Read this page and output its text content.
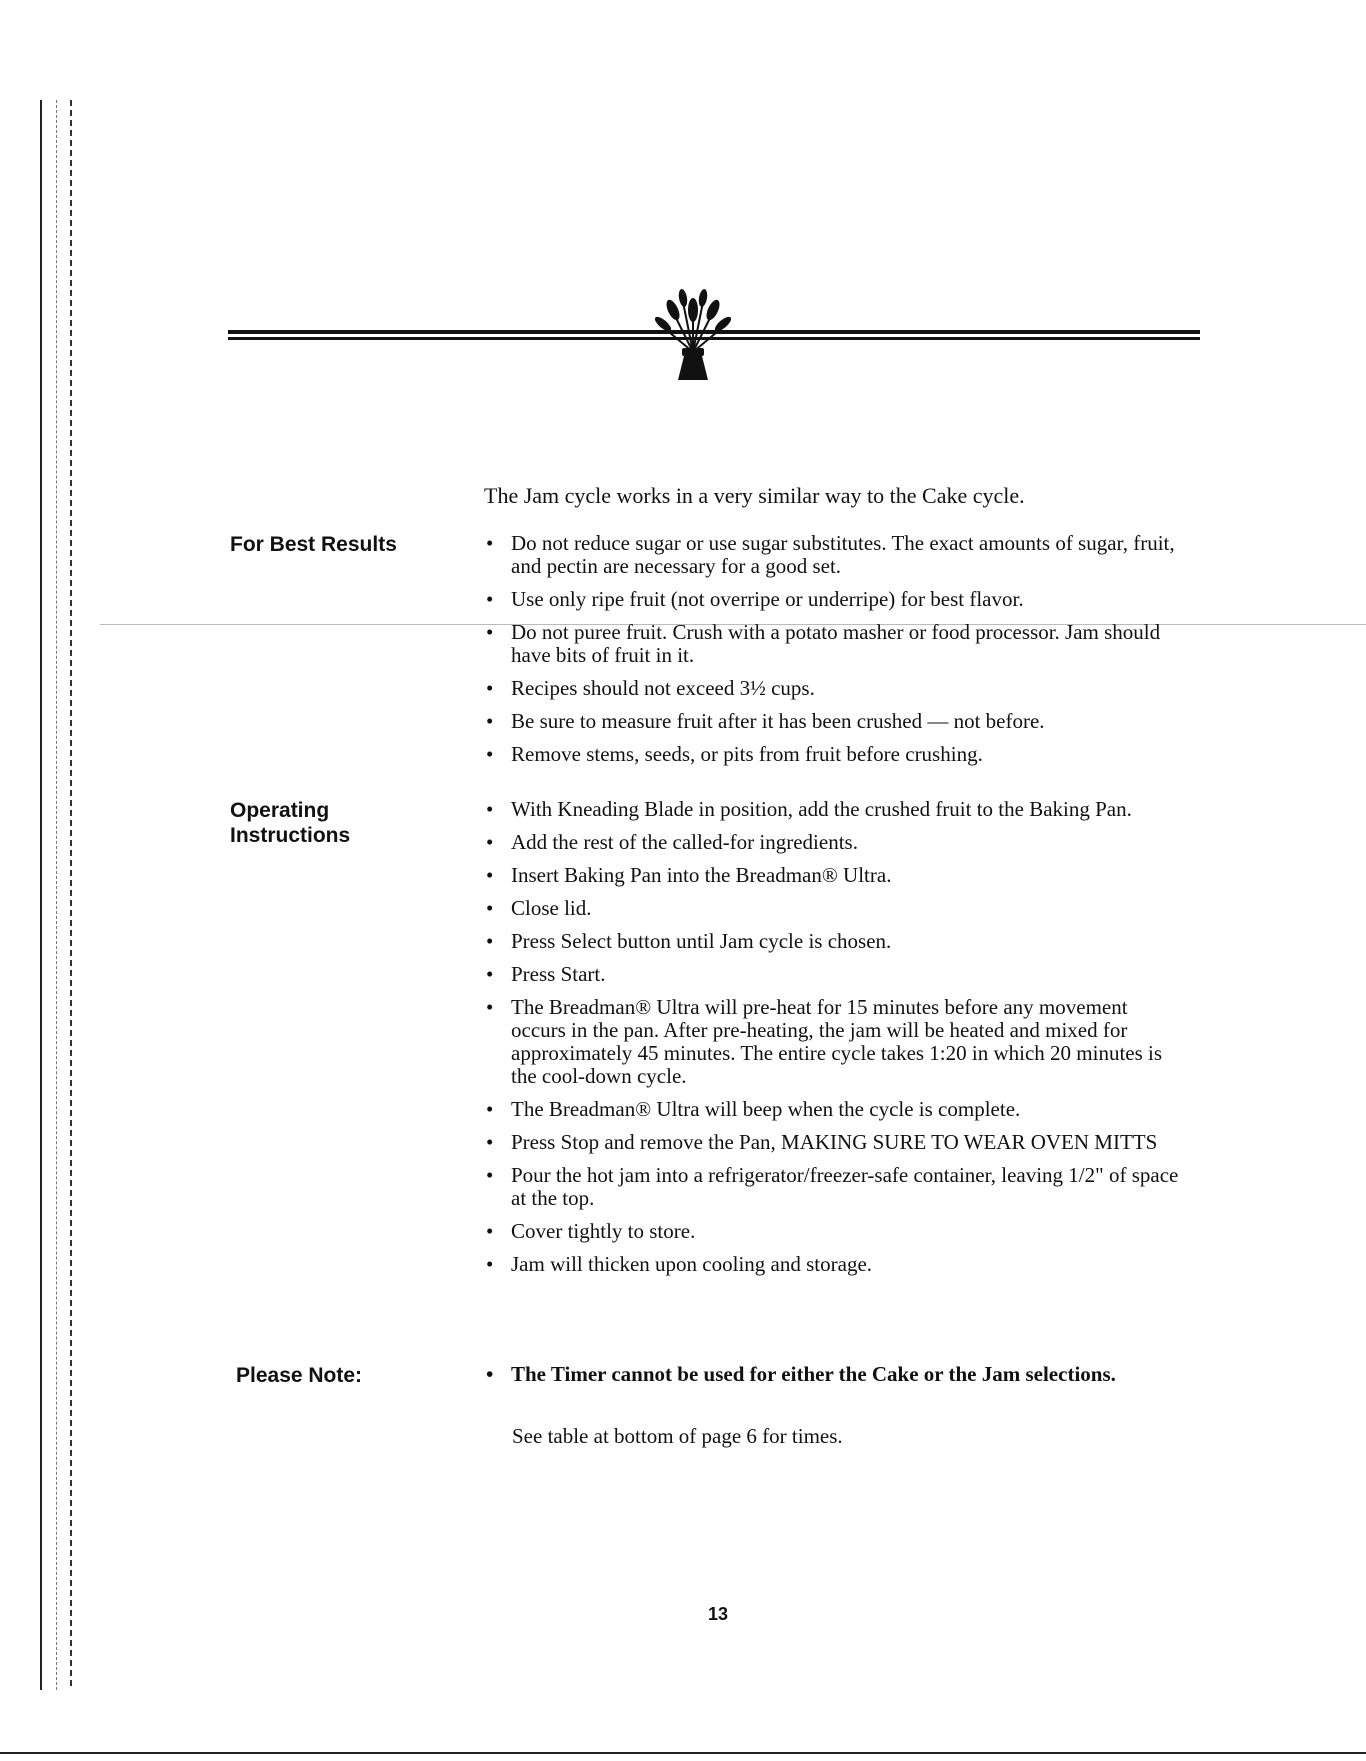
The Jam cycle works in a very similar way to the Cake cycle.
For Best Results	• Do not reduce sugar or use sugar substitutes. The exact amounts of sugar, fruit, and pectin are necessary for a good set.
• Use only ripe fruit (not overripe or underripe) for best flavor.
• Do not puree fruit. Crush with a potato masher or food processor. Jam should have bits of fruit in it.
• Recipes should not exceed 3½ cups.
• Be sure to measure fruit after it has been crushed — not before.
• Remove stems, seeds, or pits from fruit before crushing.
Operating
Instructions
• With Kneading Blade in position, add the crushed fruit to the Baking Pan.
• Add the rest of the called-for ingredients.
• Insert Baking Pan into the Breadman® Ultra.
• Close lid.
• Press Select button until Jam cycle is chosen.
• Press Start.
• The Breadman® Ultra will pre-heat for 15 minutes before any movement occurs in the pan. After pre-heating, the jam will be heated and mixed for approximately 45 minutes. The entire cycle takes 1:20 in which 20 minutes is the cool-down cycle.
• The Breadman® Ultra will beep when the cycle is complete.
• Press Stop and remove the Pan, MAKING SURE TO WEAR OVEN MITTS
• Pour the hot jam into a refrigerator/freezer-safe container, leaving 1/2" of space at the top.
• Cover tightly to store.
• Jam will thicken upon cooling and storage.
Please Note:	• The Timer cannot be used for either the Cake or the Jam selections.
See table at bottom of page 6 for times.
13
